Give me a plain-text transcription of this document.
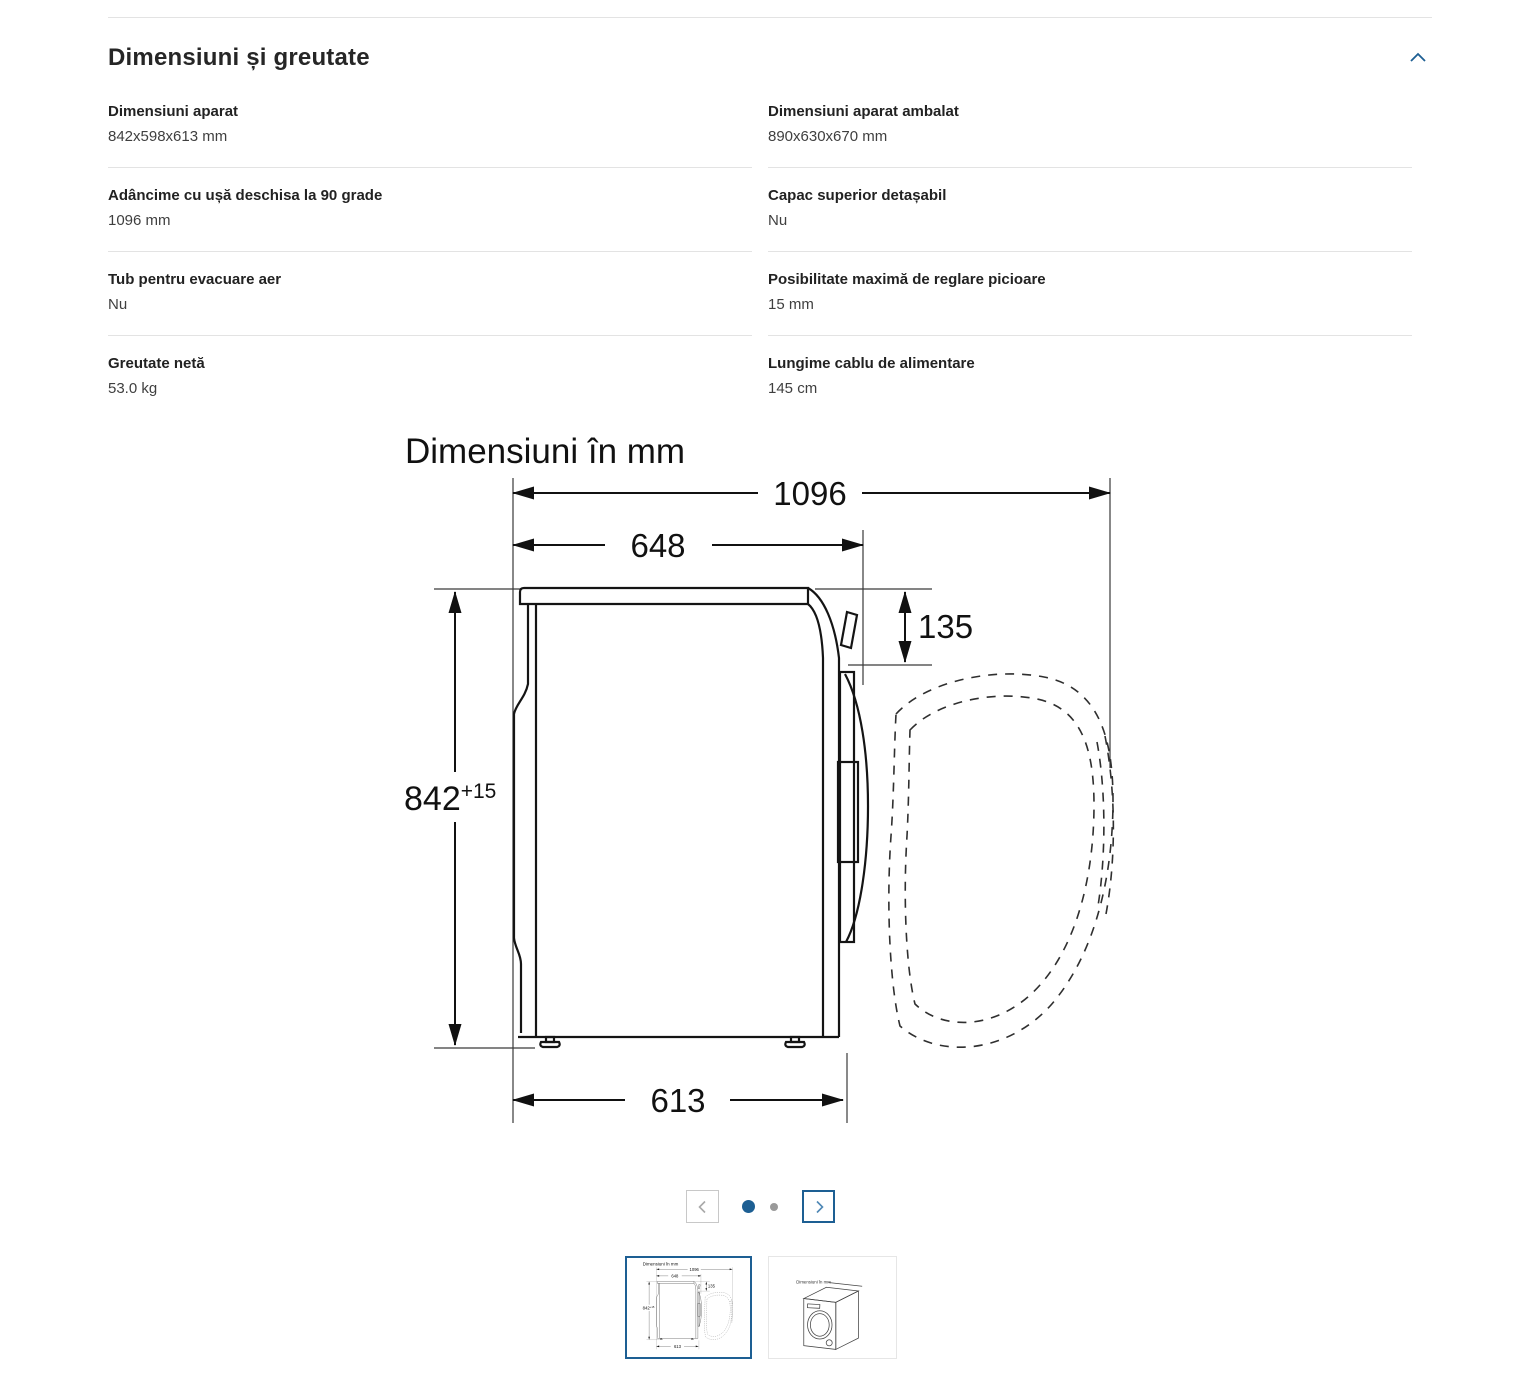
Dimensiuni și greutate
Dimensiuni aparat
842x598x613 mm
Adâncime cu ușă deschisa la 90 grade
1096 mm
Tub pentru evacuare aer
Nu
Greutate netă
53.0 kg
Dimensiuni aparat ambalat
890x630x670 mm
Capac superior detașabil
Nu
Posibilitate maximă de reglare picioare
15 mm
Lungime cablu de alimentare
145 cm
Dimensiuni în mm
1096
648
135
$842^{+15}$
613
Dimensiuni în mm
